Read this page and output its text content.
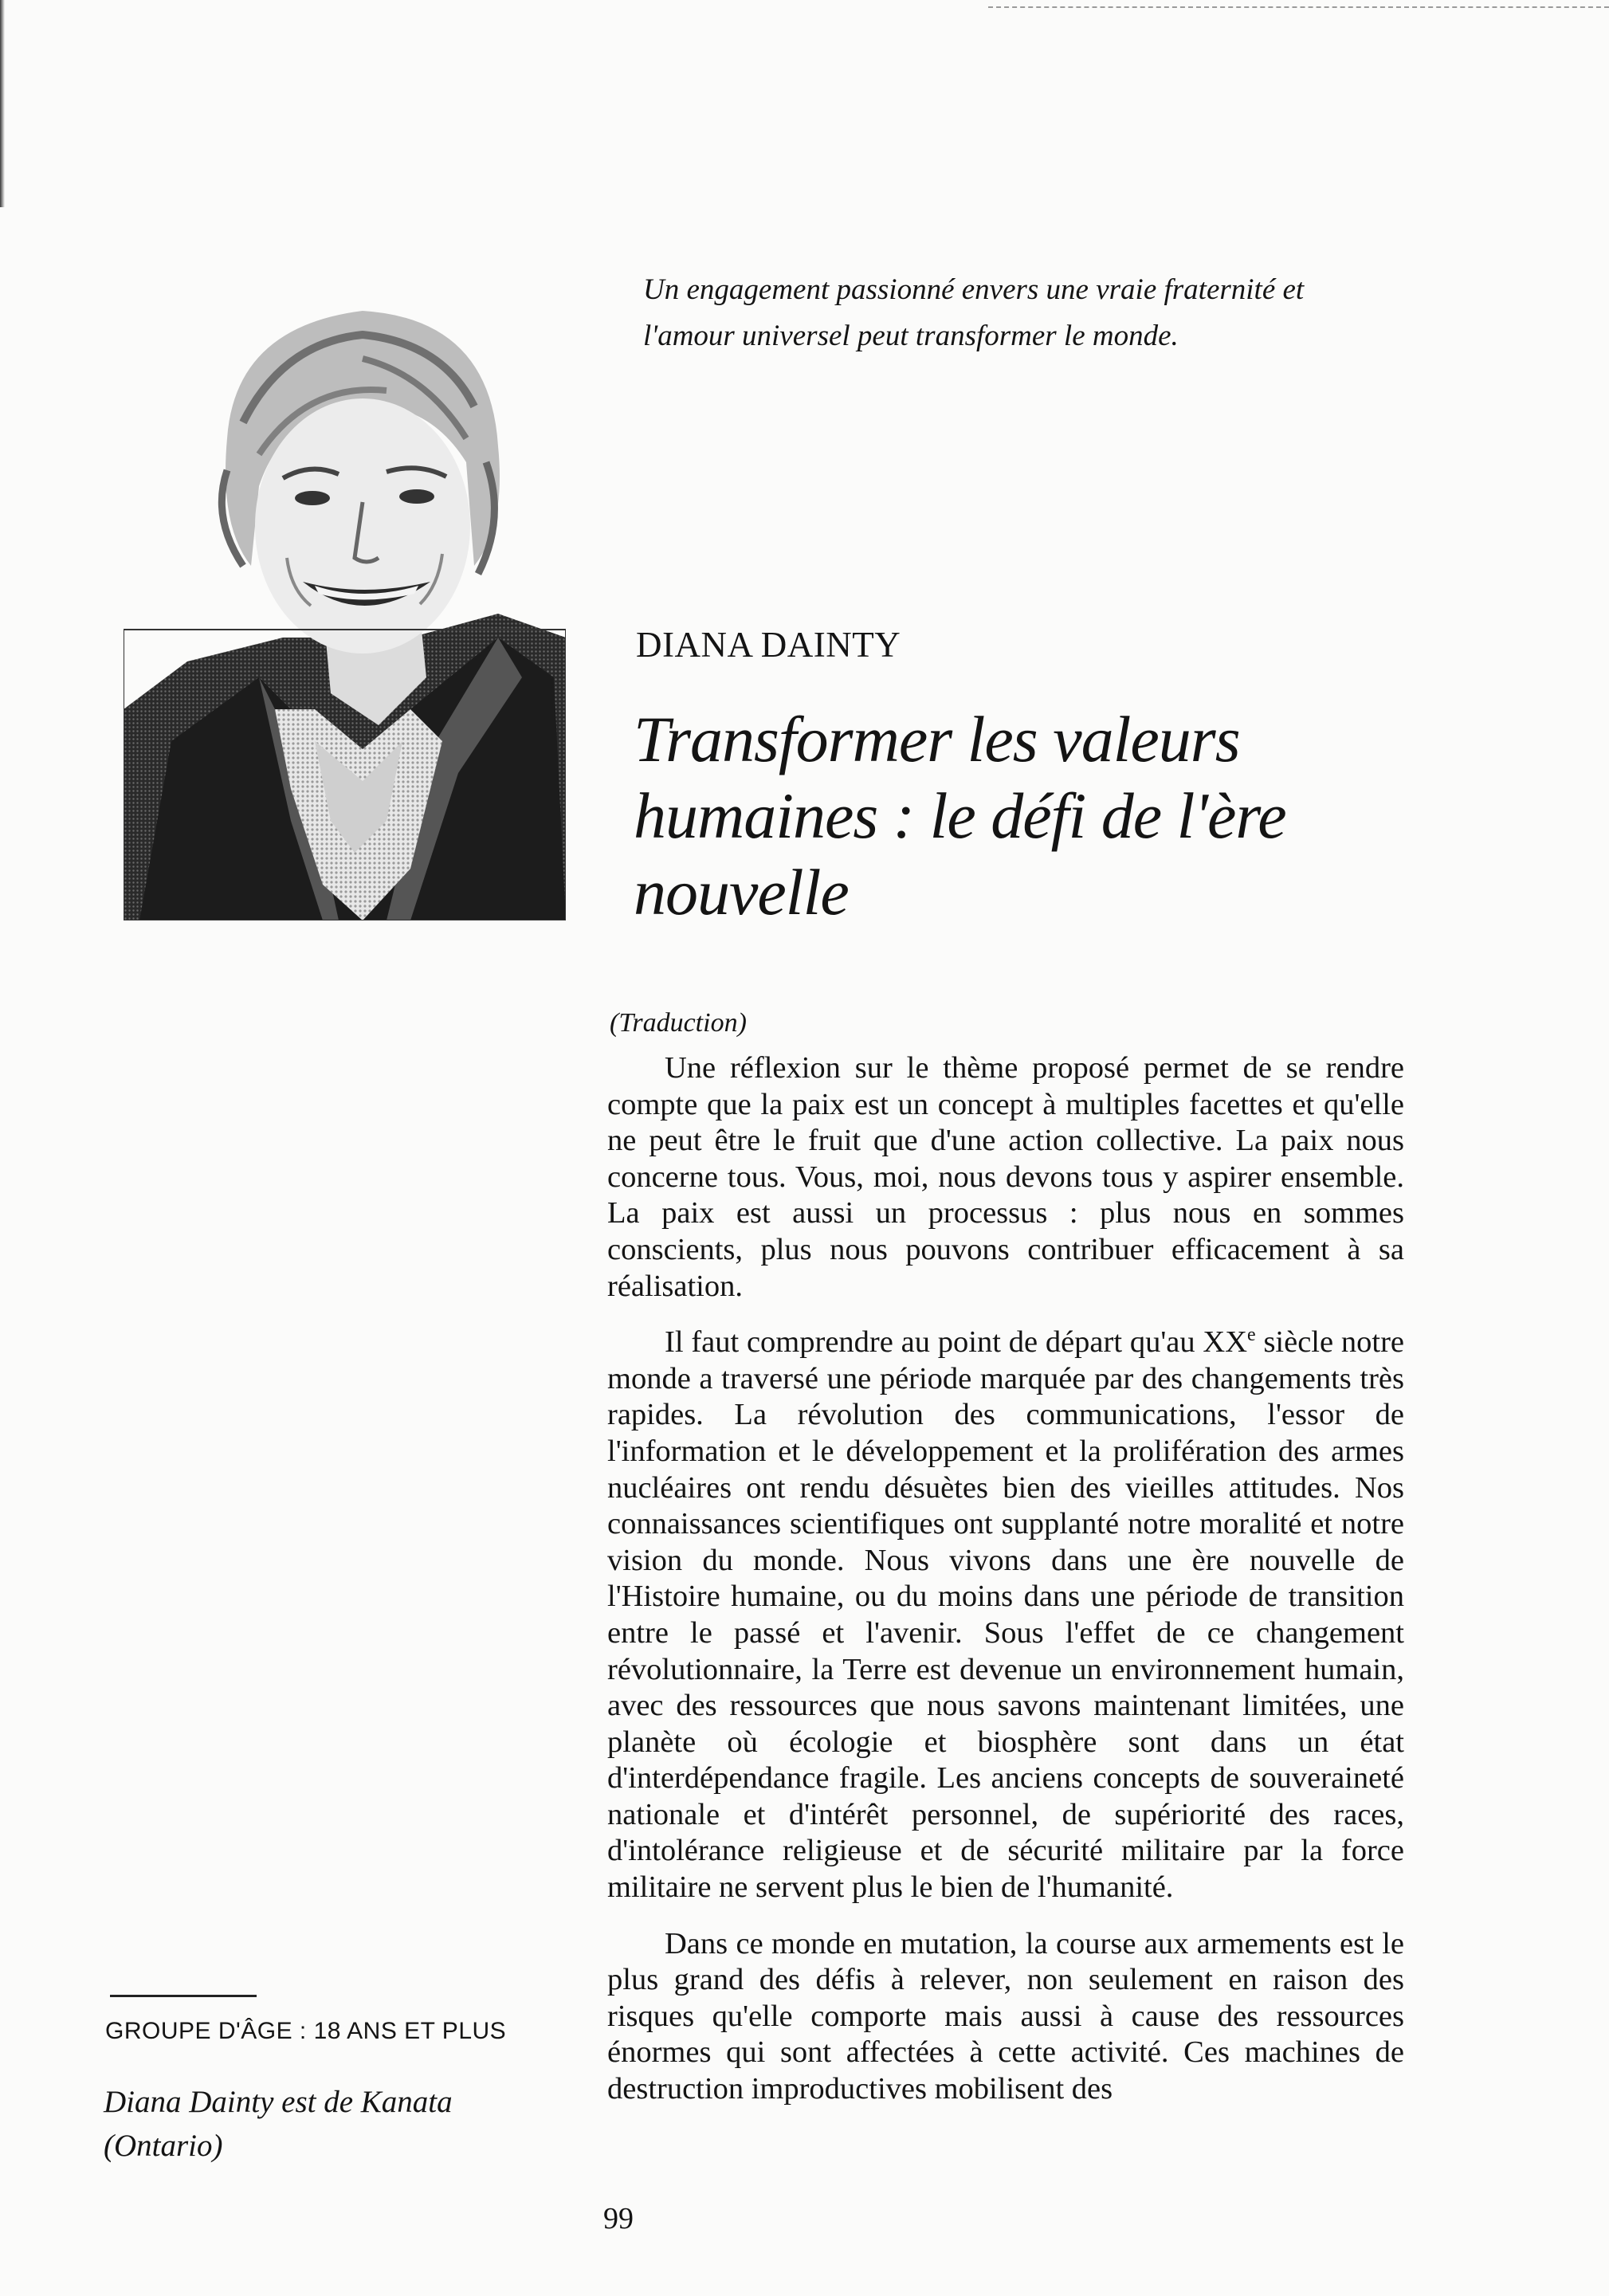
Un engagement passionné envers une vraie fraternité et
l'amour universel peut transformer le monde.
DIANA DAINTY
Transformer les valeurs
humaines : le défi de l'ère
nouvelle
(Traduction)

Une réflexion sur le thème proposé permet de se rendre compte que la paix est un concept à multiples facettes et qu'elle ne peut être le fruit que d'une action collective. La paix nous concerne tous. Vous, moi, nous devons tous y aspirer ensemble. La paix est aussi un processus : plus nous en sommes conscients, plus nous pouvons contribuer efficacement à sa réalisation.

Il faut comprendre au point de départ qu'au XXe siècle notre monde a traversé une période marquée par des changements très rapides. La révolution des communications, l'essor de l'information et le développement et la prolifération des armes nucléaires ont rendu désuètes bien des vieilles attitudes. Nos connaissances scientifiques ont supplanté notre moralité et notre vision du monde. Nous vivons dans une ère nouvelle de l'Histoire humaine, ou du moins dans une période de transition entre le passé et l'avenir. Sous l'effet de ce changement révolutionnaire, la Terre est devenue un environnement humain, avec des ressources que nous savons maintenant limitées, une planète où écologie et biosphère sont dans un état d'interdépendance fragile. Les anciens concepts de souveraineté nationale et d'intérêt personnel, de supériorité des races, d'intolérance religieuse et de sécurité militaire par la force militaire ne servent plus le bien de l'humanité.

Dans ce monde en mutation, la course aux armements est le plus grand des défis à relever, non seulement en raison des risques qu'elle comporte mais aussi à cause des ressources énormes qui sont affectées à cette activité. Ces machines de destruction improductives mobilisent des

GROUPE D'ÂGE : 18 ANS ET PLUS
Diana Dainty est de Kanata
(Ontario)
99
